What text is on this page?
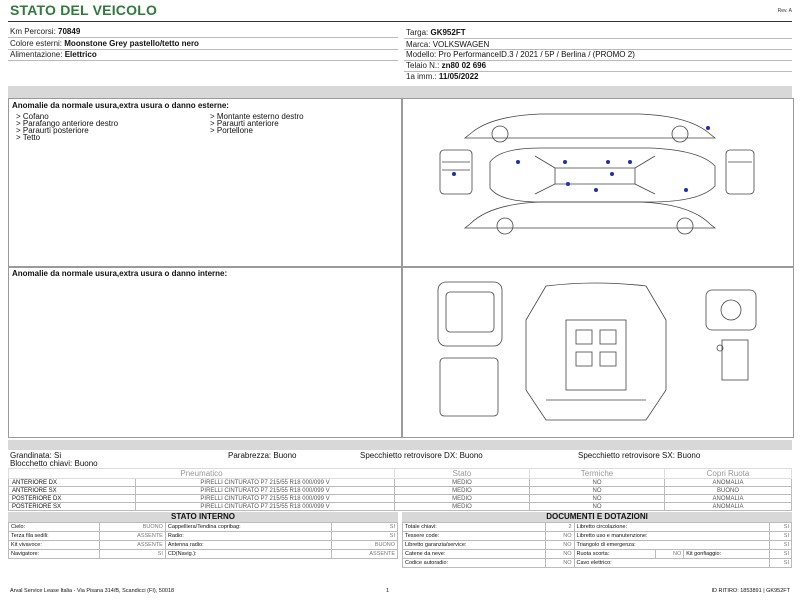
STATO DEL VEICOLO	Rev. A
Km Percorsi: 70849
Colore esterni: Moonstone Grey pastello/tetto nero
Alimentazione: Elettrico
Targa: GK952FT
Marca: VOLKSWAGEN
Modello: Pro PerformanceID.3 / 2021 / 5P / Berlina / (PROMO 2)
Telaio N.: zn80 02 696
1a imm.: 11/05/2022
Anomalie da normale usura,extra usura o danno esterne:
> Cofano
> Parafango anteriore destro
> Paraurti posteriore
> Tetto
> Montante esterno destro
> Paraurti anteriore
> Portellone
Anomalie da normale usura,extra usura o danno interne:
Grandinata: Si	Parabrezza: Buono	Specchietto retrovisore DX: Buono	Specchietto retrovisore SX: Buono
Blocchetto chiavi: Buono
Pneumatico		Stato	Termiche	Copri Ruota
ANTERIORE DX	PIRELLI CINTURATO P7 215/55 R18 000/099 V	MEDIO	NO	ANOMALIA
ANTERIORE SX	PIRELLI CINTURATO P7 215/55 R18 000/099 V	MEDIO	NO	BUONO
POSTERIORE DX	PIRELLI CINTURATO P7 215/55 R18 000/099 V	MEDIO	NO	ANOMALIA
POSTERIORE SX	PIRELLI CINTURATO P7 215/55 R18 000/099 V	MEDIO	NO	ANOMALIA
STATO INTERNO
Cielo:	BUONO	Cappelliera/Tendina copribag:	SI
Terza fila sedili:	ASSENTE	Radio:	SI
Kit vivavoce:	ASSENTE	Antenna radio:	BUONO
Navigatore:	SI	CD(Navig.):	ASSENTE
DOCUMENTI E DOTAZIONI
Totale chiavi:	2	Libretto circolazione:			SI
Tessere code:	NO	Libretto uso e manutenzione:			SI
Libretto garanzia/service:	NO	Triangolo di emergenza:			SI
Catene da neve:	NO	Ruota scorta:	NO	Kit gonfiaggio:	SI
Codice autoradio:	NO	Cavo elettrico:			SI
Arval Service Lease Italia - Via Pisana 314/B, Scandicci (FI), 50018	1	ID RITIRO: 1853891 | GK952FT
